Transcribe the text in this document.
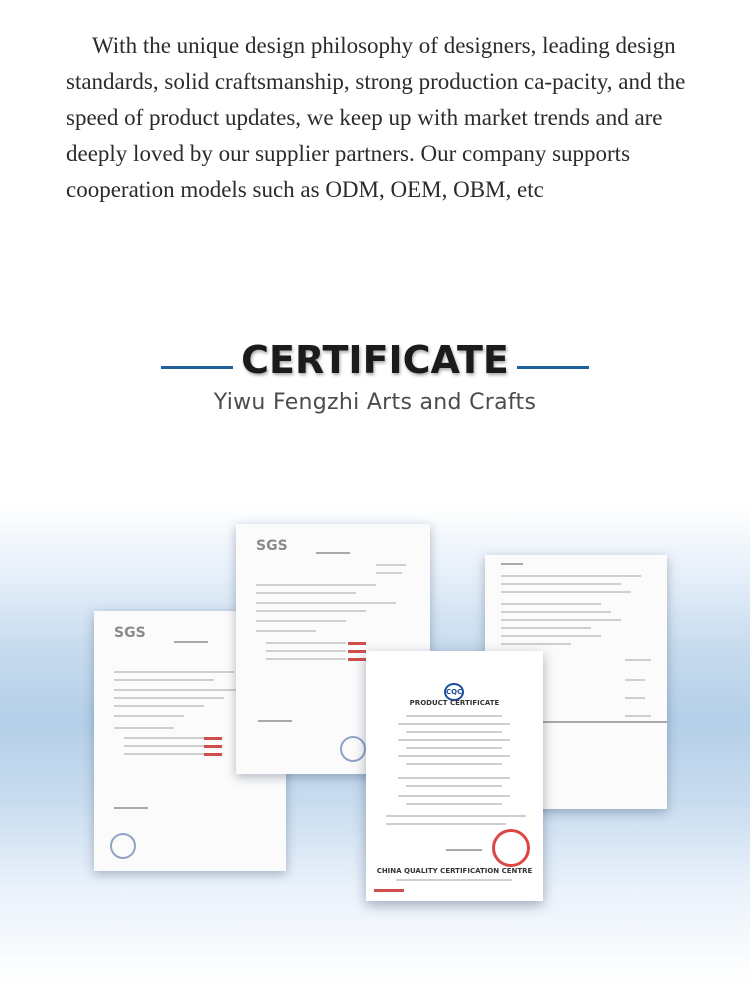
With the unique design philosophy of designers, leading design standards, solid craftsmanship, strong production ca-pacity, and the speed of product updates, we keep up with market trends and are deeply loved by our supplier partners. Our company supports cooperation models such as ODM, OEM, OBM, etc

CERTIFICATE
Yiwu Fengzhi Arts and Crafts
SGS
SGS
CQC
PRODUCT CERTIFICATE
CHINA QUALITY CERTIFICATION CENTRE
